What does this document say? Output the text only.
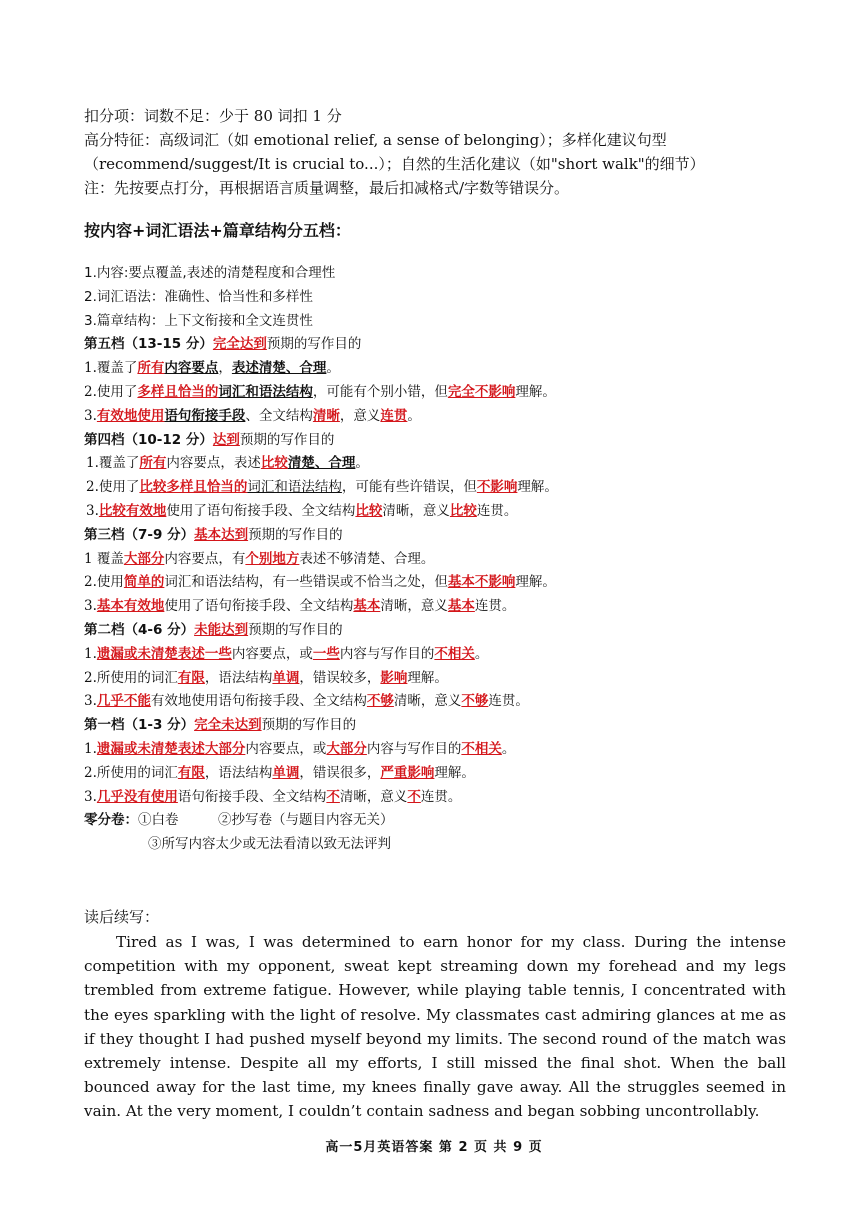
扣分项：词数不足：少于 80 词扣 1 分
高分特征：高级词汇（如 emotional relief, a sense of belonging）；多样化建议句型
（recommend/suggest/It is crucial to...）；自然的生活化建议（如"short walk"的细节）
注：先按要点打分，再根据语言质量调整，最后扣减格式/字数等错误分。
按内容+词汇语法+篇章结构分五档：
1.内容:要点覆盖,表述的清楚程度和合理性
2.词汇语法：准确性、恰当性和多样性
3.篇章结构：上下文衔接和全文连贯性
第五档（13-15 分）完全达到预期的写作目的
1.覆盖了所有内容要点，表述清楚、合理。
2.使用了多样且恰当的词汇和语法结构，可能有个别小错，但完全不影响理解。
3.有效地使用语句衔接手段、全文结构清晰，意义连贯。
第四档（10-12 分）达到预期的写作目的
1.覆盖了所有内容要点，表述比较清楚、合理。
2.使用了比较多样且恰当的词汇和语法结构，可能有些许错误，但不影响理解。
3.比较有效地使用了语句衔接手段、全文结构比较清晰，意义比较连贯。
第三档（7-9 分）基本达到预期的写作目的
1 覆盖大部分内容要点，有个别地方表述不够清楚、合理。
2.使用简单的词汇和语法结构，有一些错误或不恰当之处，但基本不影响理解。
3.基本有效地使用了语句衔接手段、全文结构基本清晰，意义基本连贯。
第二档（4-6 分）未能达到预期的写作目的
1.遗漏或未清楚表述一些内容要点，或一些内容与写作目的不相关。
2.所使用的词汇有限，语法结构单调，错误较多，影响理解。
3.几乎不能有效地使用语句衔接手段、全文结构不够清晰，意义不够连贯。
第一档（1-3 分）完全未达到预期的写作目的
1.遗漏或未清楚表述大部分内容要点，或大部分内容与写作目的不相关。
2.所使用的词汇有限，语法结构单调，错误很多，严重影响理解。
3.几乎没有使用语句衔接手段、全文结构不清晰，意义不连贯。
零分卷：①白卷	②抄写卷（与题目内容无关）
③所写内容太少或无法看清以致无法评判
读后续写：

Tired as I was, I was determined to earn honor for my class. During the intense competition with my opponent, sweat kept streaming down my forehead and my legs trembled from extreme fatigue. However, while playing table tennis, I concentrated with the eyes sparkling with the light of resolve. My classmates cast admiring glances at me as if they thought I had pushed myself beyond my limits. The second round of the match was extremely intense. Despite all my efforts, I still missed the final shot. When the ball bounced away for the last time, my knees finally gave away. All the struggles seemed in vain. At the very moment, I couldn’t contain sadness and began sobbing uncontrollably.

高一5月英语答案 第 2 页 共 9 页
